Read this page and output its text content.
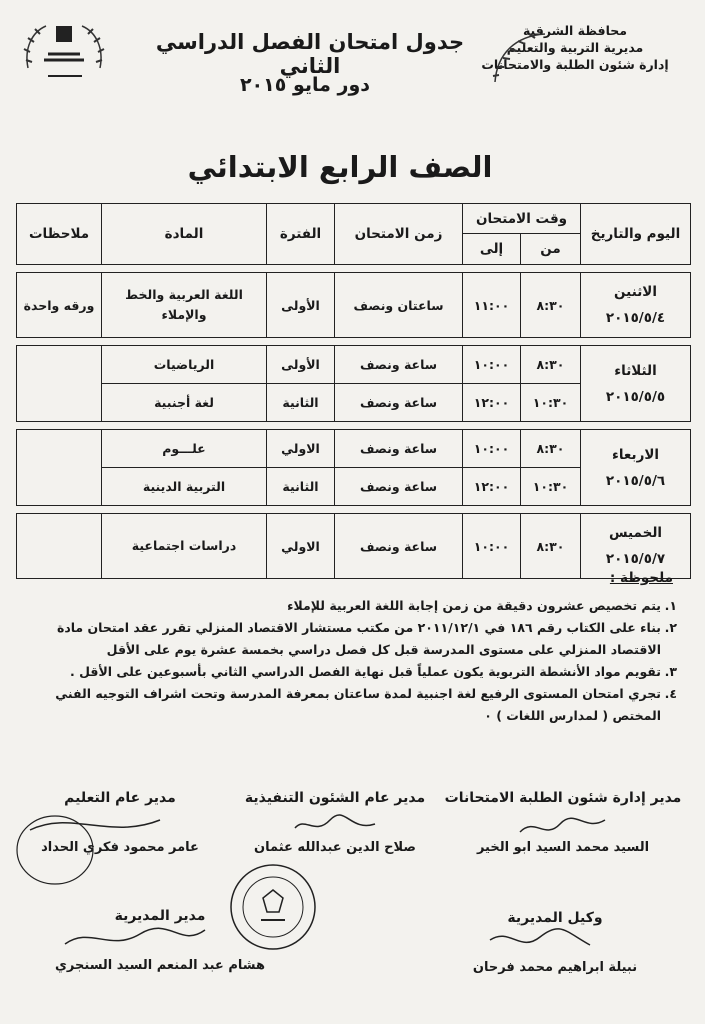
محافظة الشرقية
مديرية التربية والتعليم
إدارة شئون الطلبة والامتحانات
جدول امتحان الفصل الدراسي الثاني
دور مايو ٢٠١٥
الصف الرابع الابتدائي
اليوم والتاريخ	وقت الامتحان		زمن الامتحان	الفترة	المادة	ملاحظات
	من	إلى				

الاثنين
٢٠١٥/٥/٤	٨:٣٠	١١:٠٠	ساعتان ونصف	الأولى	اللغة العربية والخط والإملاء	ورقه واحدة

الثلاثاء
٢٠١٥/٥/٥	٨:٣٠	١٠:٠٠	ساعة ونصف	الأولى	الرياضيات	
	١٠:٣٠	١٢:٠٠	ساعة ونصف	الثانية	لغة أجنبية	

الاربعاء
٢٠١٥/٥/٦	٨:٣٠	١٠:٠٠	ساعة ونصف	الاولي	علـــوم	
	١٠:٣٠	١٢:٠٠	ساعة ونصف	الثانية	التربية الدينية	

الخميس
٢٠١٥/٥/٧	٨:٣٠	١٠:٠٠	ساعة ونصف	الاولي	دراسات اجتماعية	
ملحوظة :
١.
يتم تخصيص عشرون دقيقة من زمن إجابة اللغة العربية للإملاء
٢.
بناء على الكتاب رقم ١٨٦ في ٢٠١١/١٢/١ من مكتب مستشار الاقتصاد المنزلي تقرر عقد امتحان مادة الاقتصاد المنزلي على مستوى المدرسة قبل كل فصل دراسي بخمسة عشرة يوم على الأقل
٣.
تقويم مواد الأنشطة التربوية يكون عملياً قبل نهاية الفصل الدراسي الثاني بأسبوعين على الأقل .
٤.
تجري امتحان المستوى الرفيع لغة اجنبية لمدة ساعتان بمعرفة المدرسة وتحت اشراف التوجيه الفني المختص ( لمدارس اللغات ) ٠
مدير إدارة شئون الطلبة الامتحانات
السيد محمد السيد ابو الخير
مدير عام الشئون التنفيذية
صلاح الدين عبدالله عثمان
مدير عام التعليم
عامر محمود فكري الحداد
وكيل المديرية
نبيلة ابراهيم محمد فرحان
مدير المديرية
هشام عبد المنعم السيد السنجري
